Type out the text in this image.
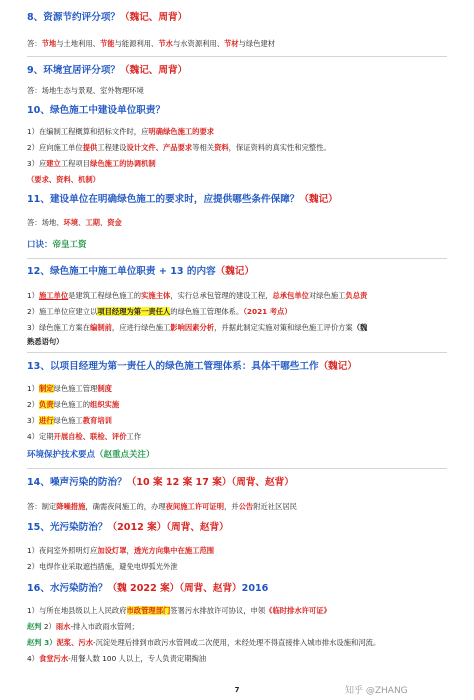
8、资源节约评分项？（魏记、周背）
答：节地与土地利用、节能与能源利用、节水与水资源利用、节材与绿色建材
9、环境宜居评分项？（魏记、周背）
答：场地生态与景观、室外物理环境
10、绿色施工中建设单位职责？
1）在编制工程概算和招标文件时，应明确绿色施工的要求
2）应向施工单位提供工程建设设计文件、产品要求等相关资料，保证资料的真实性和完整性。
3）应建立工程项目绿色施工的协调机制
（要求、资料、机制）
11、建设单位在明确绿色施工的要求时，应提供哪些条件保障？（魏记）
答：场地、环境、工期、资金
口诀：帝皇工资
12、绿色施工中施工单位职责 + 13 的内容（魏记）
1）施工单位是建筑工程绿色施工的实施主体，实行总承包管理的建设工程，总承包单位对绿色施工负总责
2）施工单位应建立以项目经理为第一责任人的绿色施工管理体系。（2021 考点）
3）绿色施工方案在编制前，应进行绿色施工影响因素分析，并据此制定实施对策和绿色施工评价方案（魏
熟悉语句）
13、以项目经理为第一责任人的绿色施工管理体系：具体干哪些工作（魏记）
1）制定绿色施工管理制度
2）负责绿色施工的组织实施
3）进行绿色施工教育培训
4）定期开展自检、联检、评价工作
环境保护技术要点（赵重点关注）
14、噪声污染的防治？（10 案 12 案 17 案）（周背、赵背）
答：制定降噪措施，确需夜间施工的，办理夜间施工许可证明，并公告附近社区居民
15、光污染防治？（2012 案）（周背、赵背）
1）夜间室外照明灯应加设灯罩，透光方向集中在施工范围
2）电焊作业采取遮挡措施，避免电焊弧光外泄
16、水污染防治？（魏 2022 案）（周背、赵背）2016
1）与所在地县级以上人民政府市政管理部门签署污水排放许可协议，申领《临时排水许可证》
赵判 2）雨水-排入市政雨水管网；
赵判 3）泥浆、污水-沉淀处理后排到市政污水管网或二次使用，未经处理不得直接排入城市排水设施和河流。
4）食堂污水-用餐人数 100 人以上，专人负责定期掏油
7	知乎 @ZHANG
